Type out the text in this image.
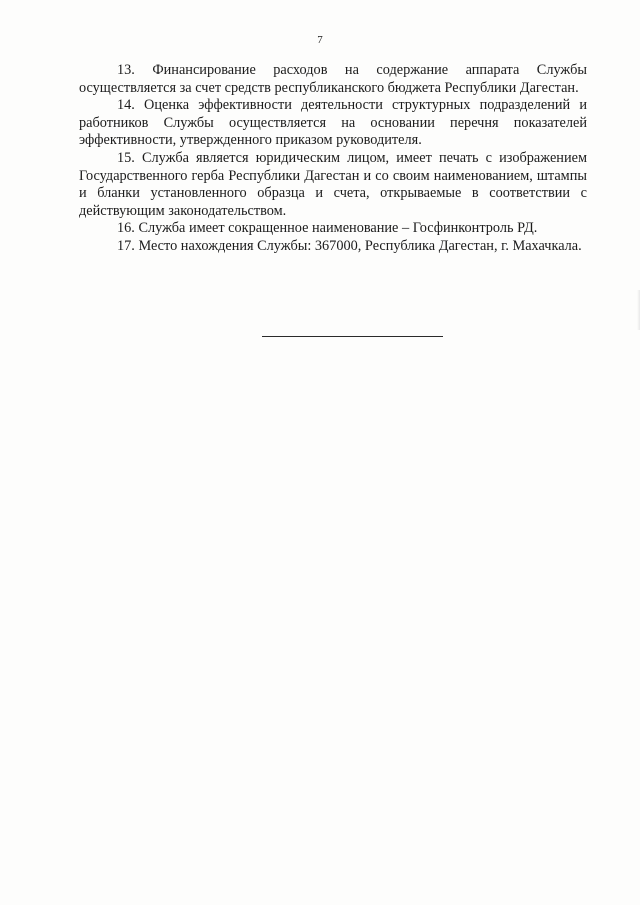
7

13. Финансирование расходов на содержание аппарата Службы осуществляется за счет средств республиканского бюджета Республики Дагестан.

14. Оценка эффективности деятельности структурных подразделений и работников Службы осуществляется на основании перечня показателей эффективности, утвержденного приказом руководителя.

15. Служба является юридическим лицом, имеет печать с изображением Государственного герба Республики Дагестан и со своим наименованием, штампы и бланки установленного образца и счета, открываемые в соответствии с действующим законодательством.

16. Служба имеет сокращенное наименование – Госфинконтроль РД.

17. Место нахождения Службы: 367000, Республика Дагестан, г. Махачкала.
